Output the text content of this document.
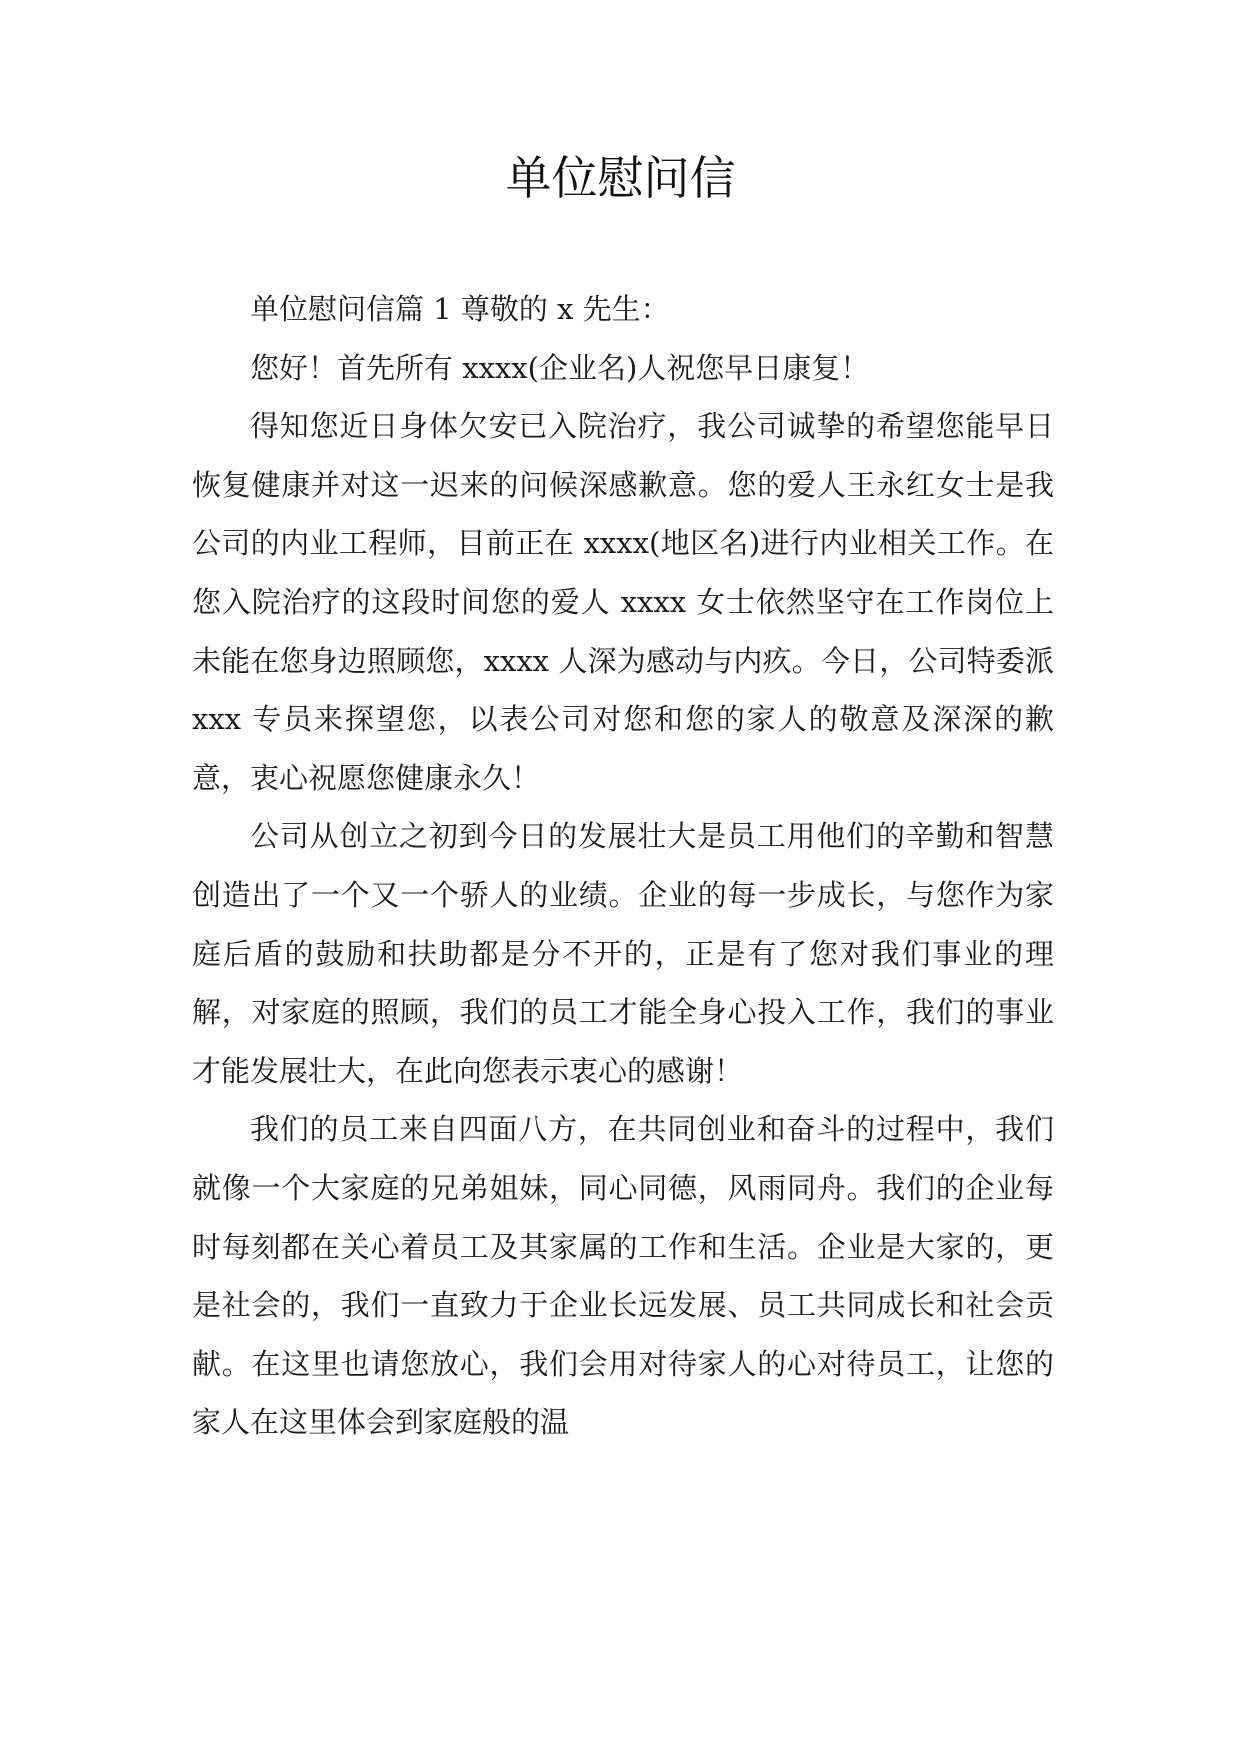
单位慰问信

单位慰问信篇 1 尊敬的 x 先生：

您好！首先所有 xxxx(企业名)人祝您早日康复！

得知您近日身体欠安已入院治疗，我公司诚挚的希望您能早日恢复健康并对这一迟来的问候深感歉意。您的爱人王永红女士是我公司的内业工程师，目前正在 xxxx(地区名)进行内业相关工作。在您入院治疗的这段时间您的爱人 xxxx 女士依然坚守在工作岗位上未能在您身边照顾您，xxxx 人深为感动与内疚。今日，公司特委派 xxx 专员来探望您，以表公司对您和您的家人的敬意及深深的歉意，衷心祝愿您健康永久！

公司从创立之初到今日的发展壮大是员工用他们的辛勤和智慧创造出了一个又一个骄人的业绩。企业的每一步成长，与您作为家庭后盾的鼓励和扶助都是分不开的，正是有了您对我们事业的理解，对家庭的照顾，我们的员工才能全身心投入工作，我们的事业才能发展壮大，在此向您表示衷心的感谢！

我们的员工来自四面八方，在共同创业和奋斗的过程中，我们就像一个大家庭的兄弟姐妹，同心同德，风雨同舟。我们的企业每时每刻都在关心着员工及其家属的工作和生活。企业是大家的，更是社会的，我们一直致力于企业长远发展、员工共同成长和社会贡献。在这里也请您放心，我们会用对待家人的心对待员工，让您的家人在这里体会到家庭般的温
